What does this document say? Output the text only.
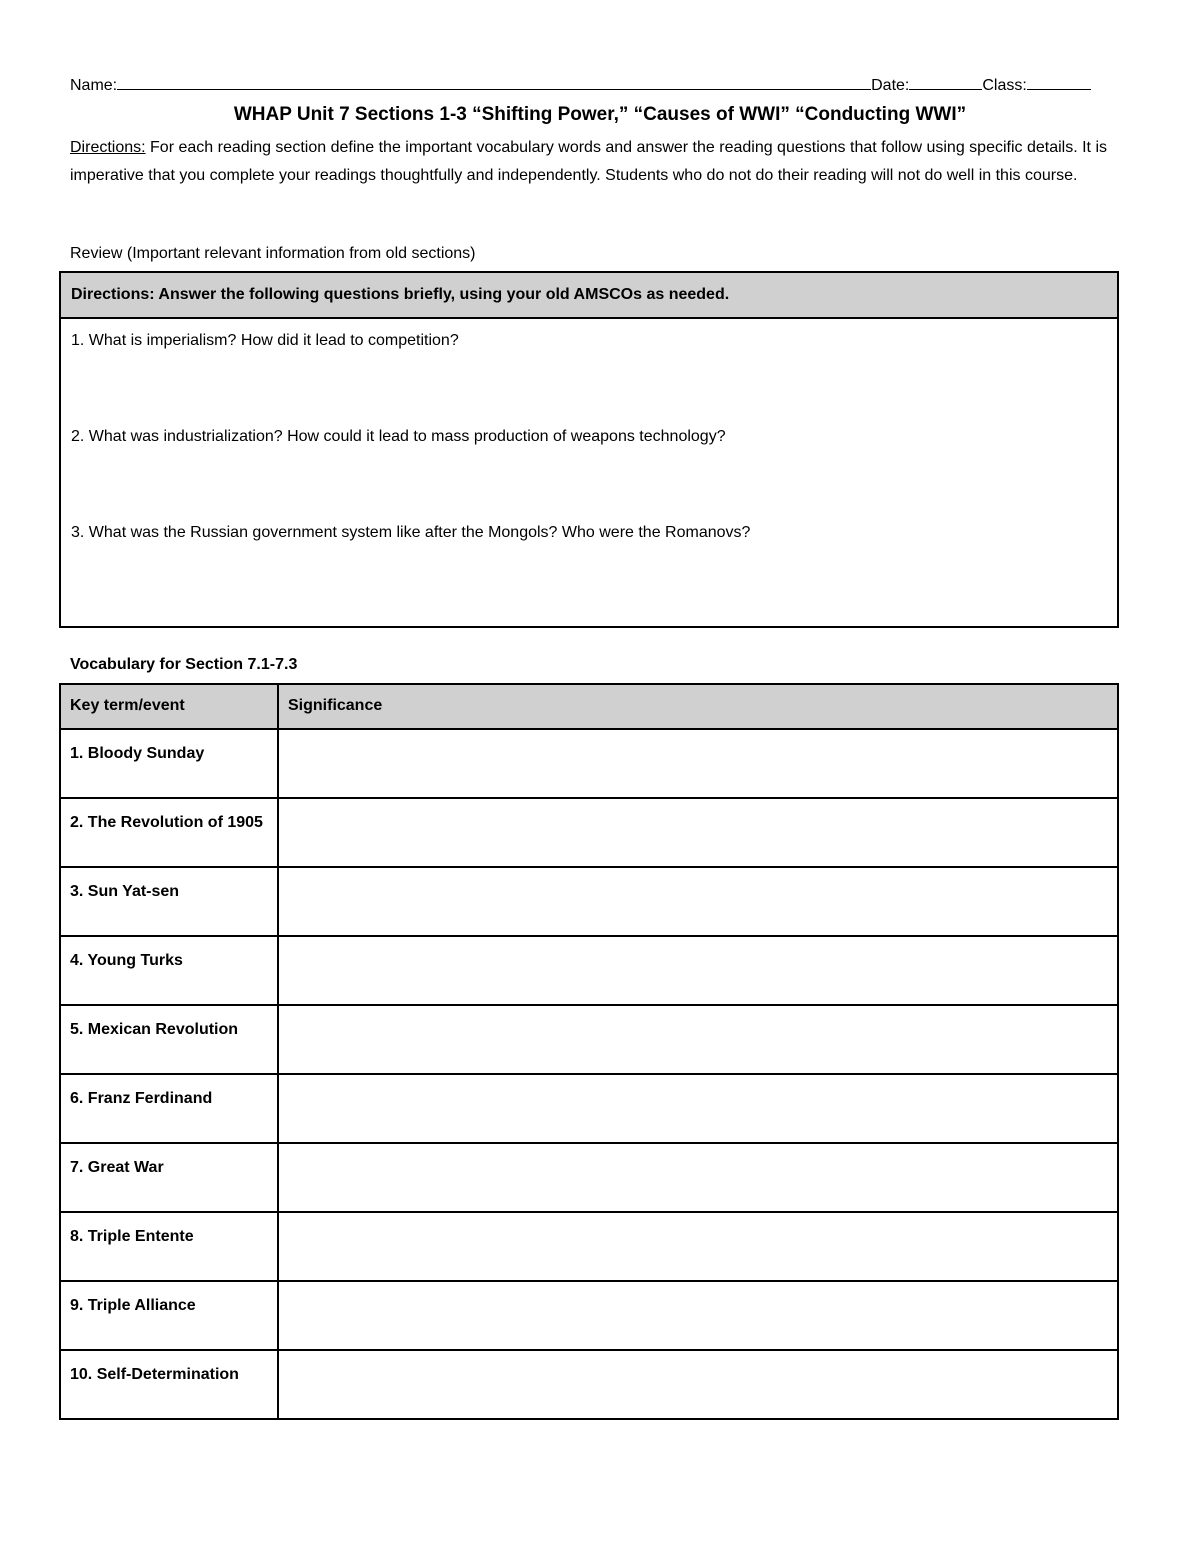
Name:	Date:	Class:
WHAP Unit 7 Sections 1-3 “Shifting Power,” “Causes of WWI” “Conducting WWI”
Directions: For each reading section define the important vocabulary words and answer the reading questions that follow using specific details. It is imperative that you complete your readings thoughtfully and independently. Students who do not do their reading will not do well in this course.
Review (Important relevant information from old sections)
Directions: Answer the following questions briefly, using your old AMSCOs as needed.
1. What is imperialism? How did it lead to competition?
2. What was industrialization? How could it lead to mass production of weapons technology?
3. What was the Russian government system like after the Mongols? Who were the Romanovs?
Vocabulary for Section 7.1-7.3
Key term/event	Significance

1. Bloody Sunday	

2. The Revolution of 1905	

3. Sun Yat-sen	

4. Young Turks	

5. Mexican Revolution	

6. Franz Ferdinand	

7. Great War	

8. Triple Entente	

9. Triple Alliance	

10. Self-Determination	
